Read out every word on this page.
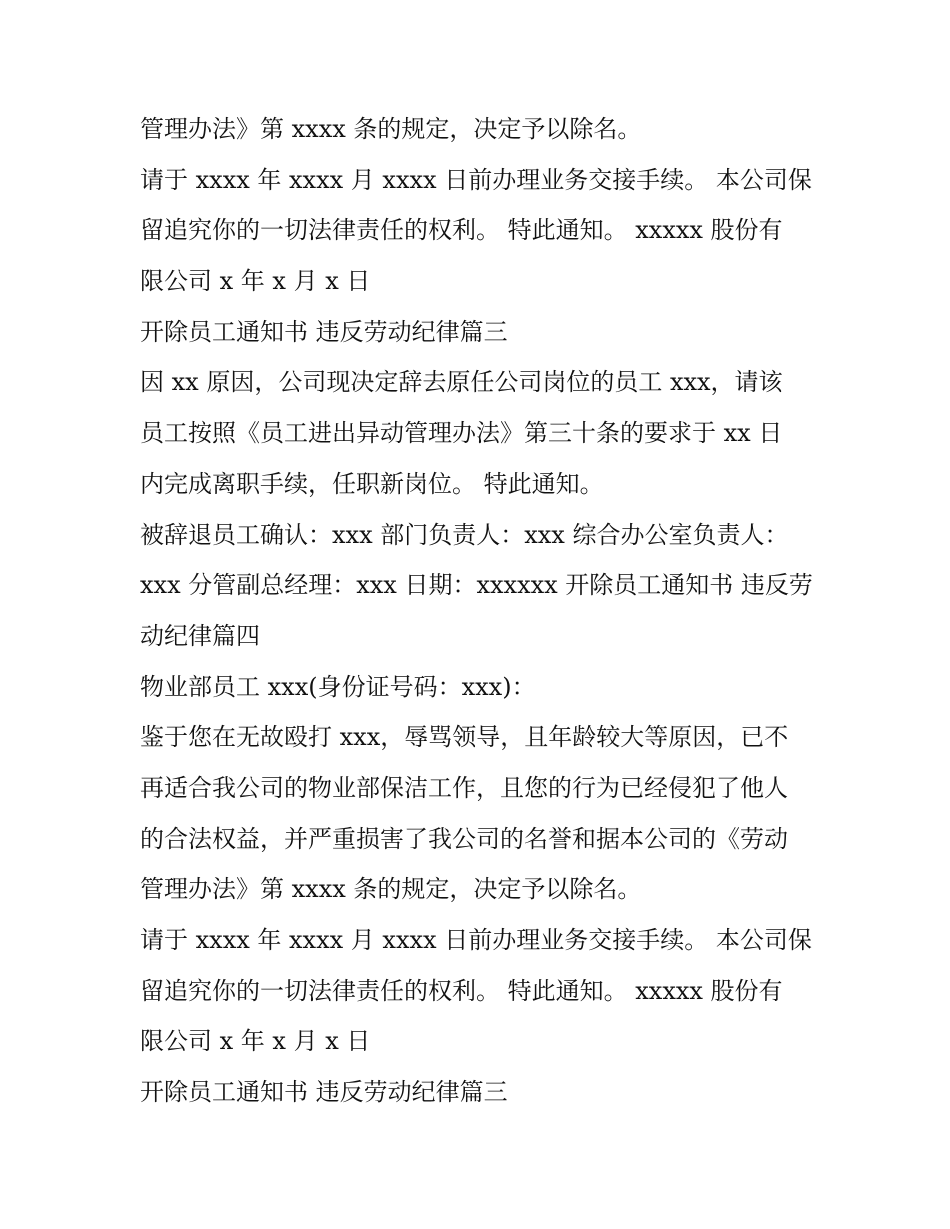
管理办法》第 xxxx 条的规定，决定予以除名。
请于 xxxx 年 xxxx 月 xxxx 日前办理业务交接手续。 本公司保
留追究你的一切法律责任的权利。 特此通知。 xxxxx 股份有
限公司 x 年 x 月 x 日
开除员工通知书 违反劳动纪律篇三
因 xx 原因，公司现决定辞去原任公司岗位的员工 xxx，请该
员工按照《员工进出异动管理办法》第三十条的要求于 xx 日
内完成离职手续，任职新岗位。 特此通知。
被辞退员工确认：xxx 部门负责人：xxx 综合办公室负责人：
xxx 分管副总经理：xxx 日期：xxxxxx 开除员工通知书 违反劳
动纪律篇四
物业部员工 xxx(身份证号码：xxx)：
鉴于您在无故殴打 xxx，辱骂领导，且年龄较大等原因，已不
再适合我公司的物业部保洁工作，且您的行为已经侵犯了他人
的合法权益，并严重损害了我公司的名誉和据本公司的《劳动
管理办法》第 xxxx 条的规定，决定予以除名。
请于 xxxx 年 xxxx 月 xxxx 日前办理业务交接手续。 本公司保
留追究你的一切法律责任的权利。 特此通知。 xxxxx 股份有
限公司 x 年 x 月 x 日
开除员工通知书 违反劳动纪律篇三
